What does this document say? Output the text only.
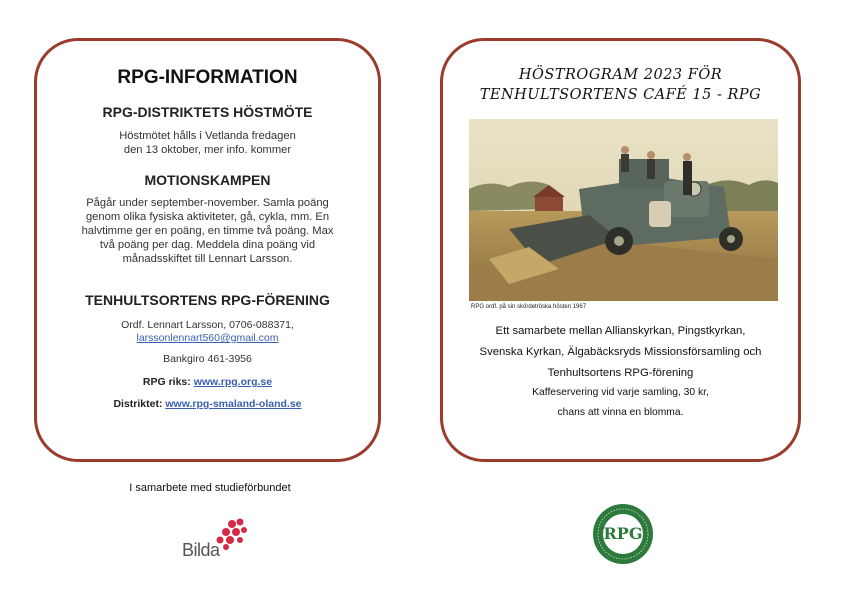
RPG-INFORMATION
RPG-DISTRIKTETS HÖSTMÖTE
Höstmötet hålls i Vetlanda fredagen
den 13 oktober, mer info. kommer
MOTIONSKAMPEN
Pågår under september-november. Samla poäng
genom olika fysiska aktiviteter, gå, cykla, mm. En
halvtimme ger en poäng, en timme två poäng. Max
två poäng per dag. Meddela dina poäng vid
månadsskiftet till Lennart Larsson.
TENHULTSORTENS RPG-FÖRENING
Ordf. Lennart Larsson, 0706-088371,
larssonlennart560@gmail.com
Bankgiro 461-3956
RPG riks: www.rpg.org.se
Distriktet: www.rpg-smaland-oland.se
HÖSTROGRAM 2023 FÖR
TENHULTSORTENS CAFÉ 15 - RPG
RPG ordf. på sin skördetröska hösten 1967
Ett samarbete mellan Allianskyrkan, Pingstkyrkan,
Svenska Kyrkan, Älgabäcksryds Missionsförsamling och
Tenhultsortens RPG-förening
Kaffeservering vid varje samling, 30 kr,
chans att vinna en blomma.
I samarbete med studieförbundet
Bilda
RPG
